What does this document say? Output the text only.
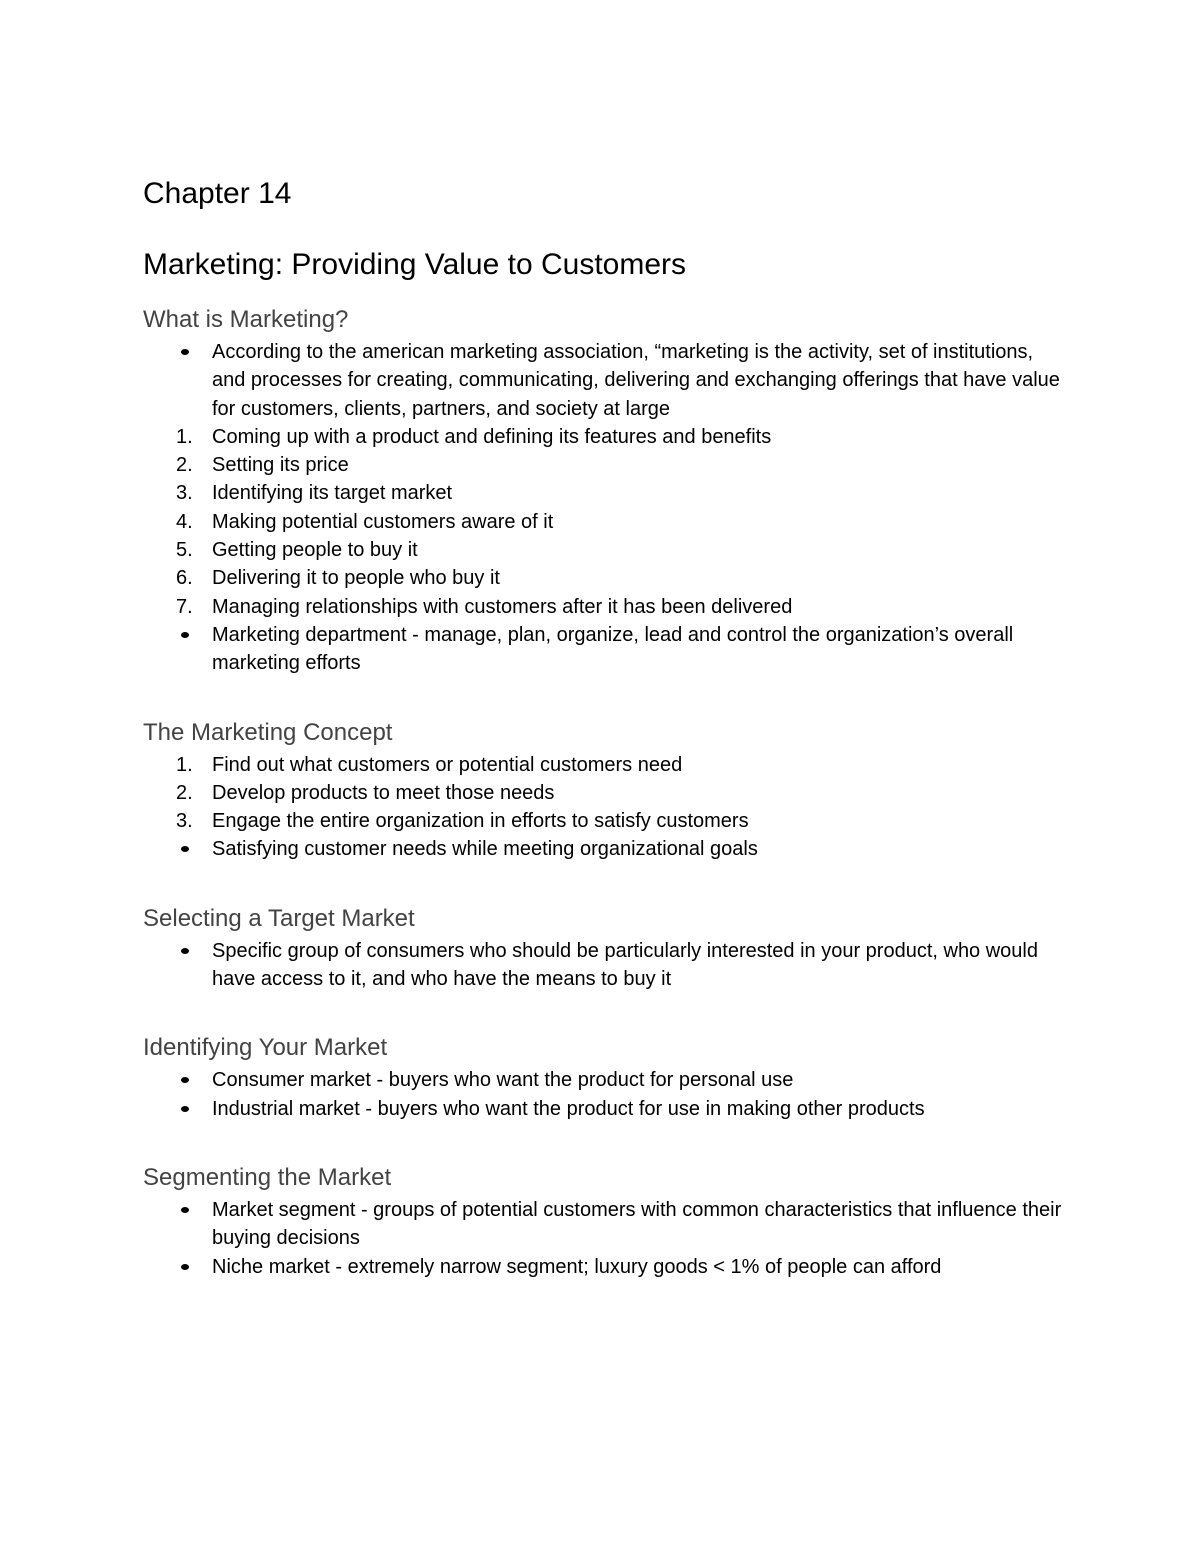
Chapter 14
Marketing: Providing Value to Customers
What is Marketing?
According to the american marketing association, “marketing is the activity, set of institutions, and processes for creating, communicating, delivering and exchanging offerings that have value for customers, clients, partners, and society at large
1. Coming up with a product and defining its features and benefits
2. Setting its price
3. Identifying its target market
4. Making potential customers aware of it
5. Getting people to buy it
6. Delivering it to people who buy it
7. Managing relationships with customers after it has been delivered
Marketing department - manage, plan, organize, lead and control the organization’s overall marketing efforts
The Marketing Concept
1. Find out what customers or potential customers need
2. Develop products to meet those needs
3. Engage the entire organization in efforts to satisfy customers
Satisfying customer needs while meeting organizational goals
Selecting a Target Market
Specific group of consumers who should be particularly interested in your product, who would have access to it, and who have the means to buy it
Identifying Your Market
Consumer market - buyers who want the product for personal use
Industrial market - buyers who want the product for use in making other products
Segmenting the Market
Market segment - groups of potential customers with common characteristics that influence their buying decisions
Niche market - extremely narrow segment; luxury goods < 1% of people can afford
